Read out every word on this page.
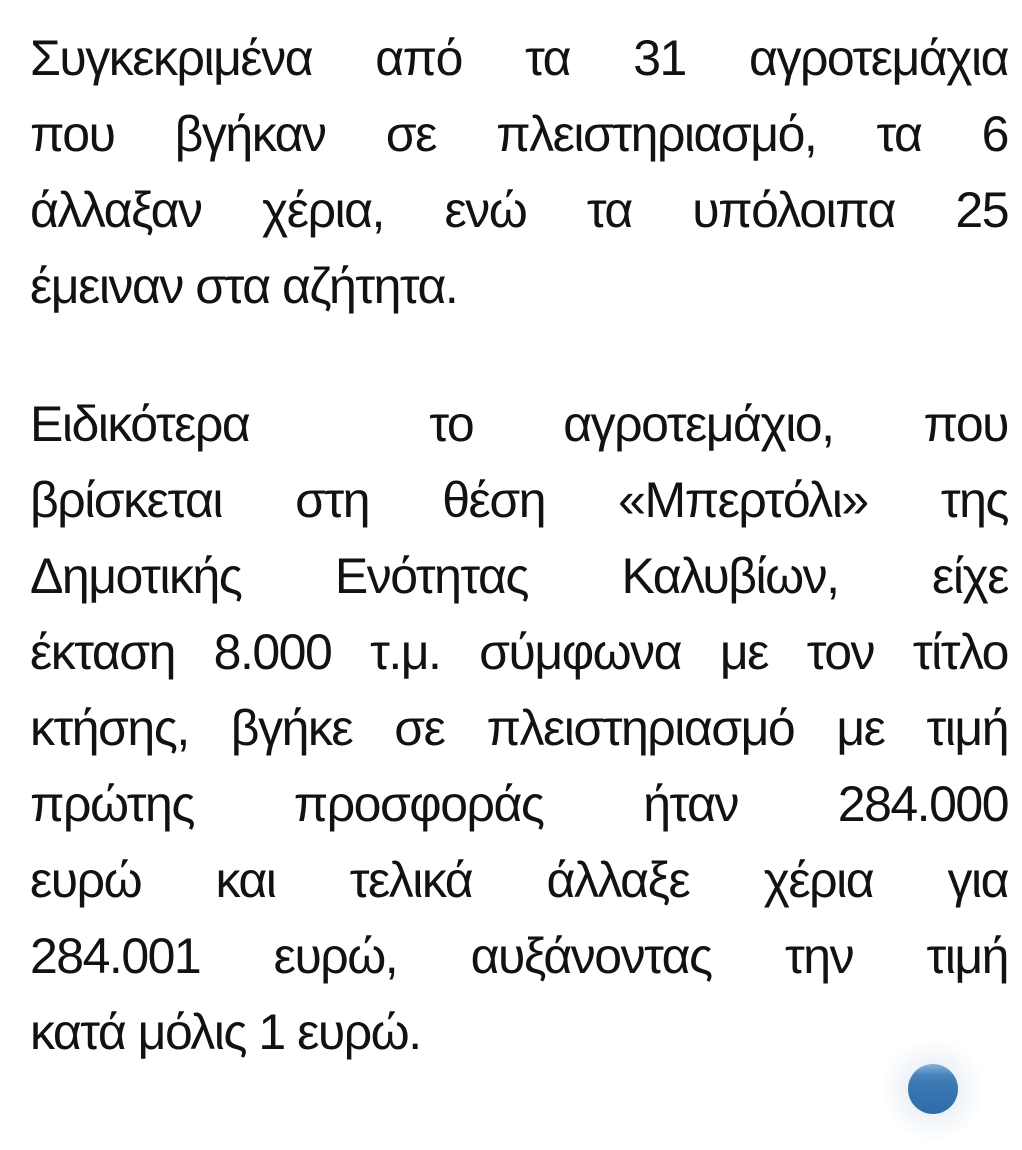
Συγκεκριμένα από τα 31 αγροτεμάχια
που βγήκαν σε πλειστηριασμό, τα 6
άλλαξαν χέρια, ενώ τα υπόλοιπα 25
έμειναν στα αζήτητα.
Ειδικότερα  το αγροτεμάχιο, που
βρίσκεται στη θέση «Μπερτόλι» της
Δημοτικής Ενότητας Καλυβίων, είχε
έκταση 8.000 τ.μ. σύμφωνα με τον τίτλο
κτήσης, βγήκε σε πλειστηριασμό με τιμή
πρώτης προσφοράς ήταν 284.000
ευρώ και τελικά άλλαξε χέρια για
284.001 ευρώ, αυξάνοντας την τιμή
κατά μόλις 1 ευρώ.
